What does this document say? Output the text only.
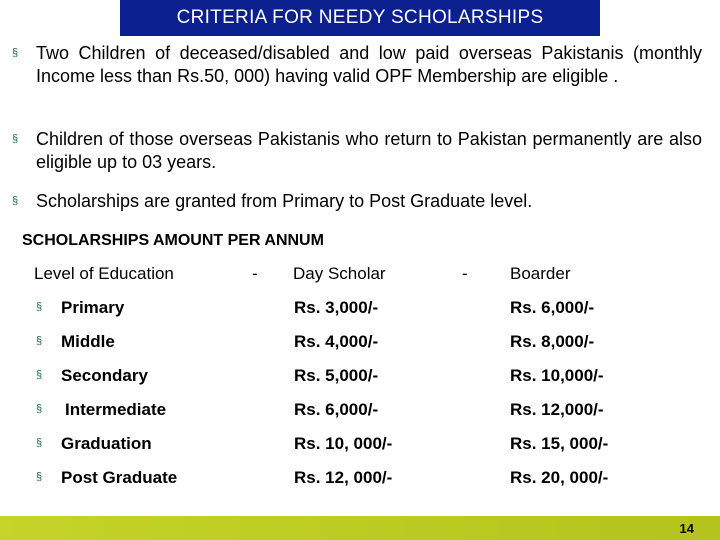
CRITERIA FOR NEEDY SCHOLARSHIPS
§ Two Children of deceased/disabled and low paid overseas Pakistanis (monthly Income less than Rs.50, 000) having valid OPF Membership are eligible .
§ Children of those overseas Pakistanis who return to Pakistan permanently are also eligible up to 03 years.
§ Scholarships are granted from Primary to Post Graduate level.
SCHOLARSHIPS AMOUNT PER ANNUM
Level of Education	- Day Scholar	- Boarder
§ Primary	Rs. 3,000/-	Rs. 6,000/-
§ Middle	Rs. 4,000/-	Rs. 8,000/-
§ Secondary	Rs. 5,000/-	Rs. 10,000/-
§ Intermediate	Rs. 6,000/-	Rs. 12,000/-
§ Graduation	Rs. 10, 000/-	Rs. 15, 000/-
§ Post Graduate	Rs. 12, 000/-	Rs. 20, 000/-
14
